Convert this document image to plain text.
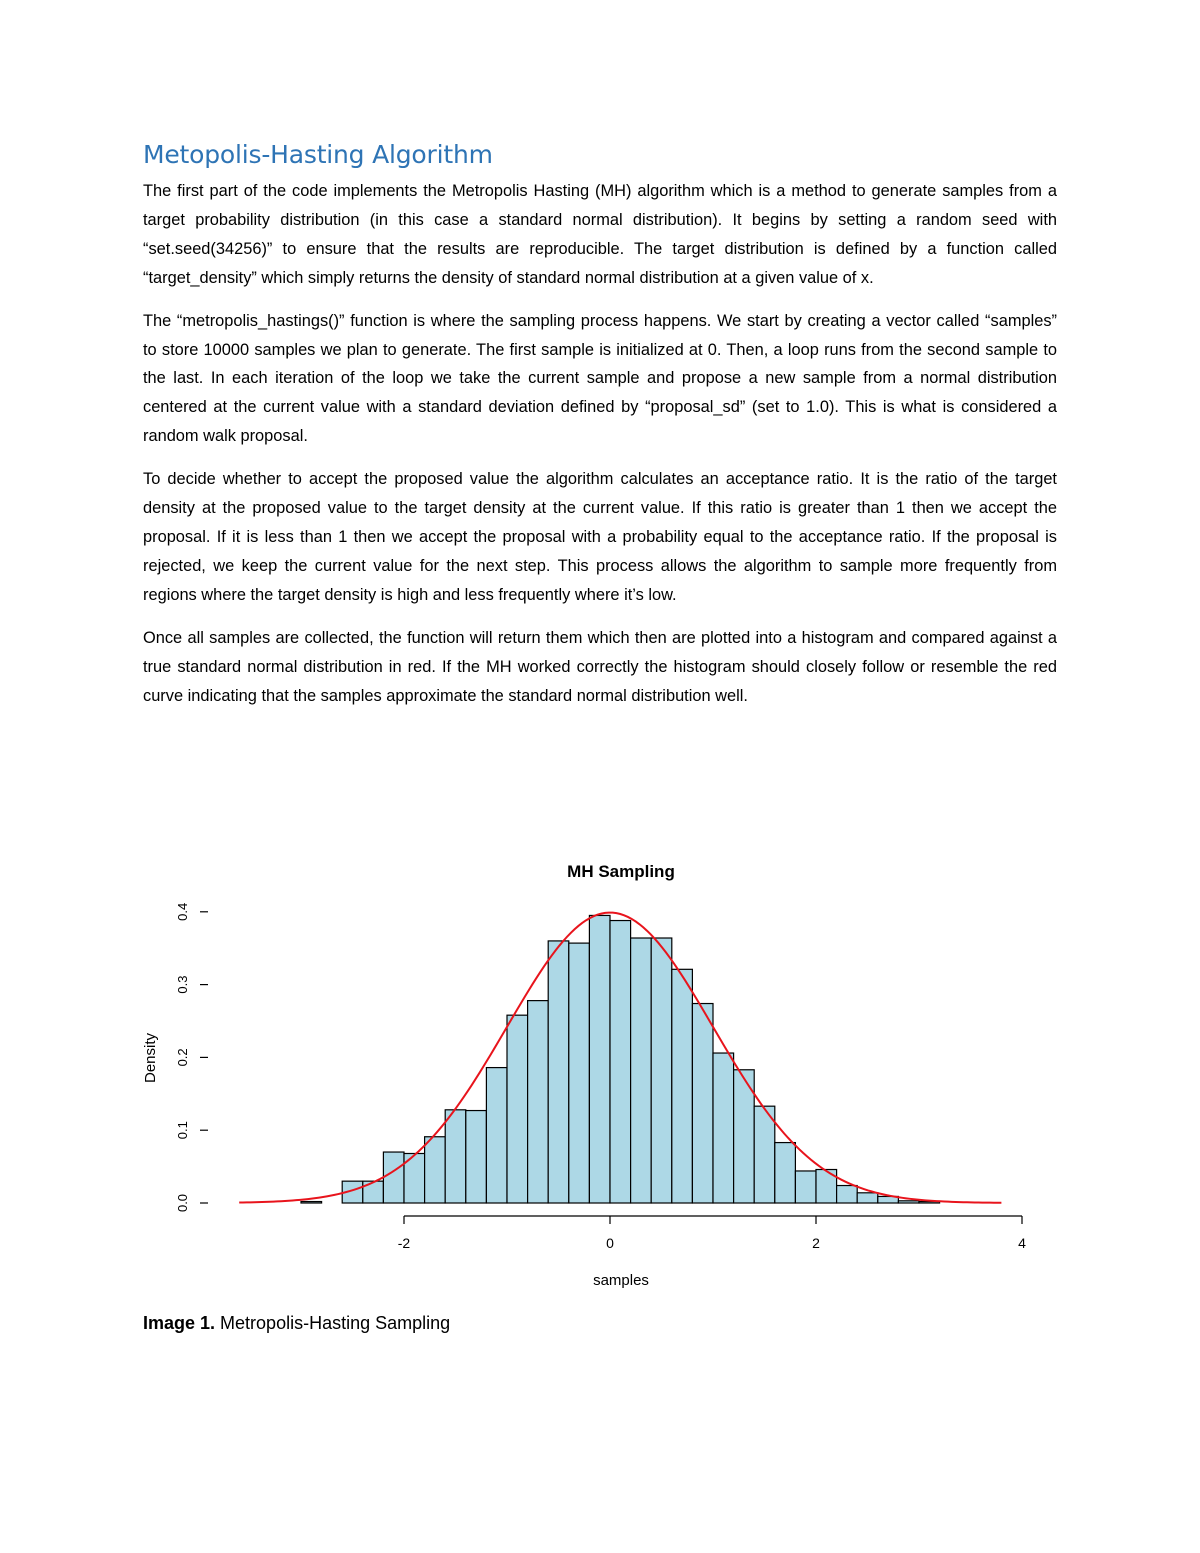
Metopolis-Hasting Algorithm

The first part of the code implements the Metropolis Hasting (MH) algorithm which is a method to generate samples from a target probability distribution (in this case a standard normal distribution). It begins by setting a random seed with “set.seed(34256)” to ensure that the results are reproducible. The target distribution is defined by a function called “target_density” which simply returns the density of standard normal distribution at a given value of x.

The “metropolis_hastings()” function is where the sampling process happens. We start by creating a vector called “samples” to store 10000 samples we plan to generate. The first sample is initialized at 0. Then, a loop runs from the second sample to the last. In each iteration of the loop we take the current sample and propose a new sample from a normal distribution centered at the current value with a standard deviation defined by “proposal_sd” (set to 1.0). This is what is considered a random walk proposal.

To decide whether to accept the proposed value the algorithm calculates an acceptance ratio. It is the ratio of the target density at the proposed value to the target density at the current value. If this ratio is greater than 1 then we accept the proposal. If it is less than 1 then we accept the proposal with a probability equal to the acceptance ratio. If the proposal is rejected, we keep the current value for the next step. This process allows the algorithm to sample more frequently from regions where the target density is high and less frequently where it’s low.

Once all samples are collected, the function will return them which then are plotted into a histogram and compared against a true standard normal distribution in red. If the MH worked correctly the histogram should closely follow or resemble the red curve indicating that the samples approximate the standard normal distribution well.

MH Sampling
Density
samples
-2	0	2	4
0.0
0.1
0.2
0.3
0.4
Image 1. Metropolis-Hasting Sampling
